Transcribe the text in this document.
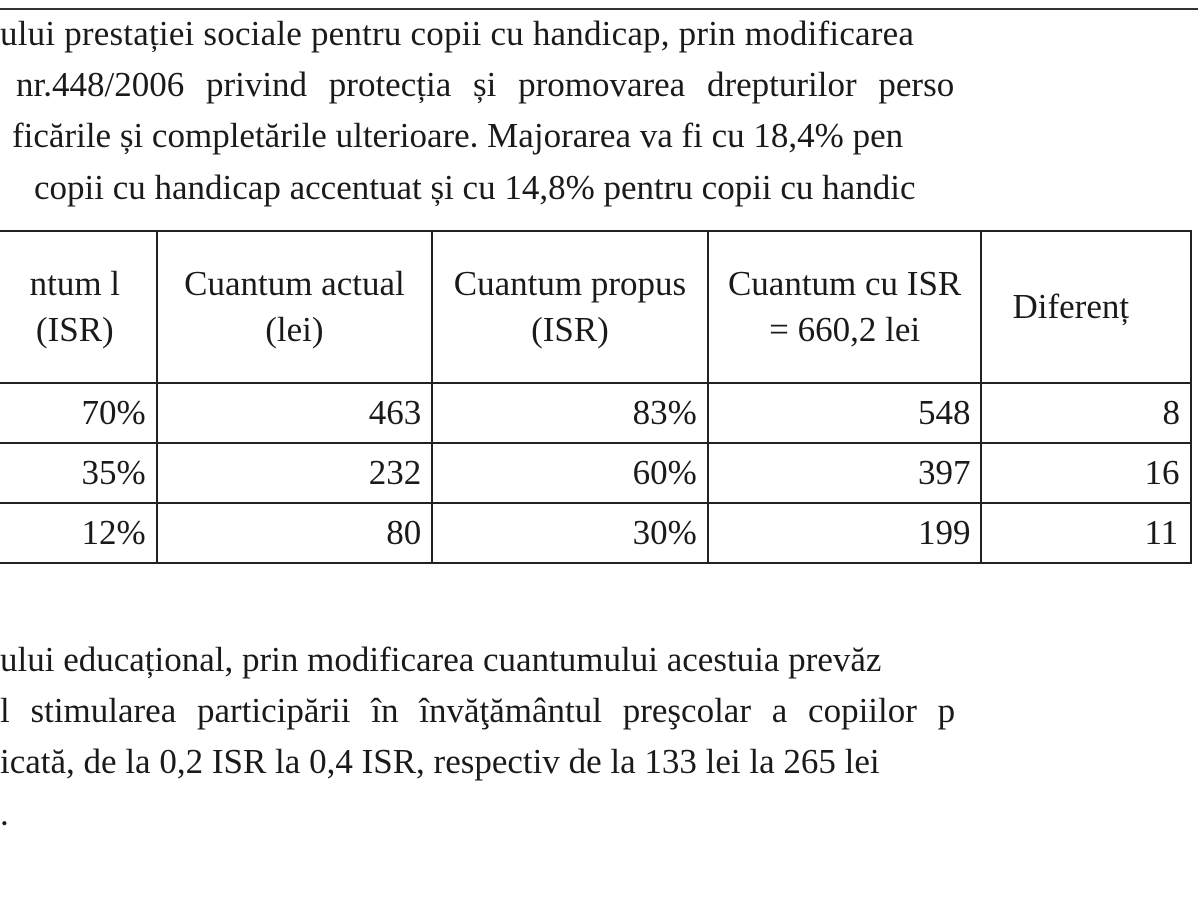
ului prestației sociale pentru copii cu handicap, prin modificarea
nr.448/2006 privind protecția și promovarea drepturilor perso
ficările și completările ulterioare. Majorarea va fi cu 18,4% pen
copii cu handicap accentuat și cu 14,8% pentru copii cu handic
ntum l (ISR)	Cuantum actual (lei)	Cuantum propus (ISR)	Cuantum cu ISR = 660,2 lei	Diferenț
70%	463	83%	548	8
35%	232	60%	397	16
12%	80	30%	199	11
ului educațional, prin modificarea cuantumului acestuia prevăz
l stimularea participării în învăţământul preşcolar a copiilor p
icată, de la 0,2 ISR la 0,4 ISR, respectiv de la 133 lei la 265 lei
.
